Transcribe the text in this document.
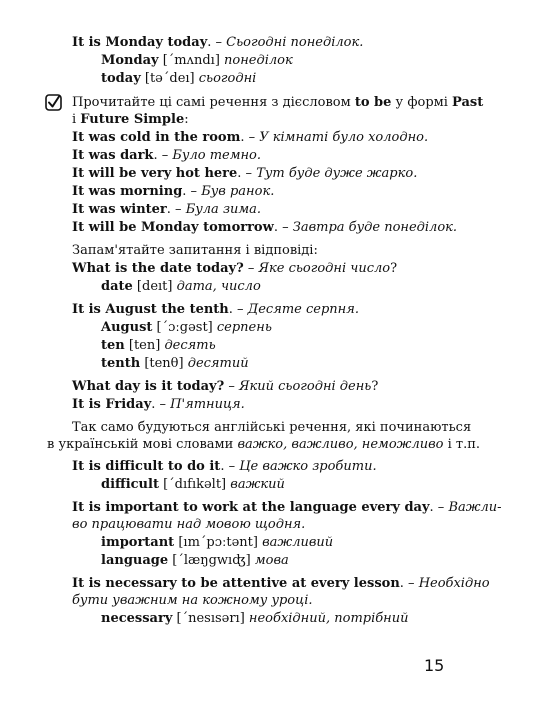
It is Monday today. – Сьогодні понеділок.
Monday [ˊmʌndı] понеділок
today [təˊdeı] сьогодні
Прочитайте ці самі речення з дієсловом to be у формі Past
і Future Simple:
It was cold in the room. – У кімнаті було холодно.
It was dark. – Було темно.
It will be very hot here. – Тут буде дуже жарко.
It was morning. – Був ранок.
It was winter. – Була зима.
It will be Monday tomorrow. – Завтра буде понеділок.
Запам'ятайте запитання і відповіді:
What is the date today? – Яке сьогодні число?
date [deıt] дата, число
It is August the tenth. – Десяте серпня.
August [ˊɔːgəst] серпень
ten [ten] десять
tenth [tenθ] десятий
What day is it today? – Який сьогодні день?
It is Friday. – П'ятниця.
Так само будуються англійські речення, які починаються
в українській мові словами важко, важливо, неможливо і т.п.
It is difficult to do it. – Це важко зробити.
difficult [ˊdıfıkəlt] важкий
It is important to work at the language every day. – Важли-
во працювати над мовою щодня.
important [ımˊpɔːtənt] важливий
language [ˊlæŋgwıʤ] мова
It is necessary to be attentive at every lesson. – Необхідно
бути уважним на кожному уроці.
necessary [ˊnesısərı] необхідний, потрібний
15
